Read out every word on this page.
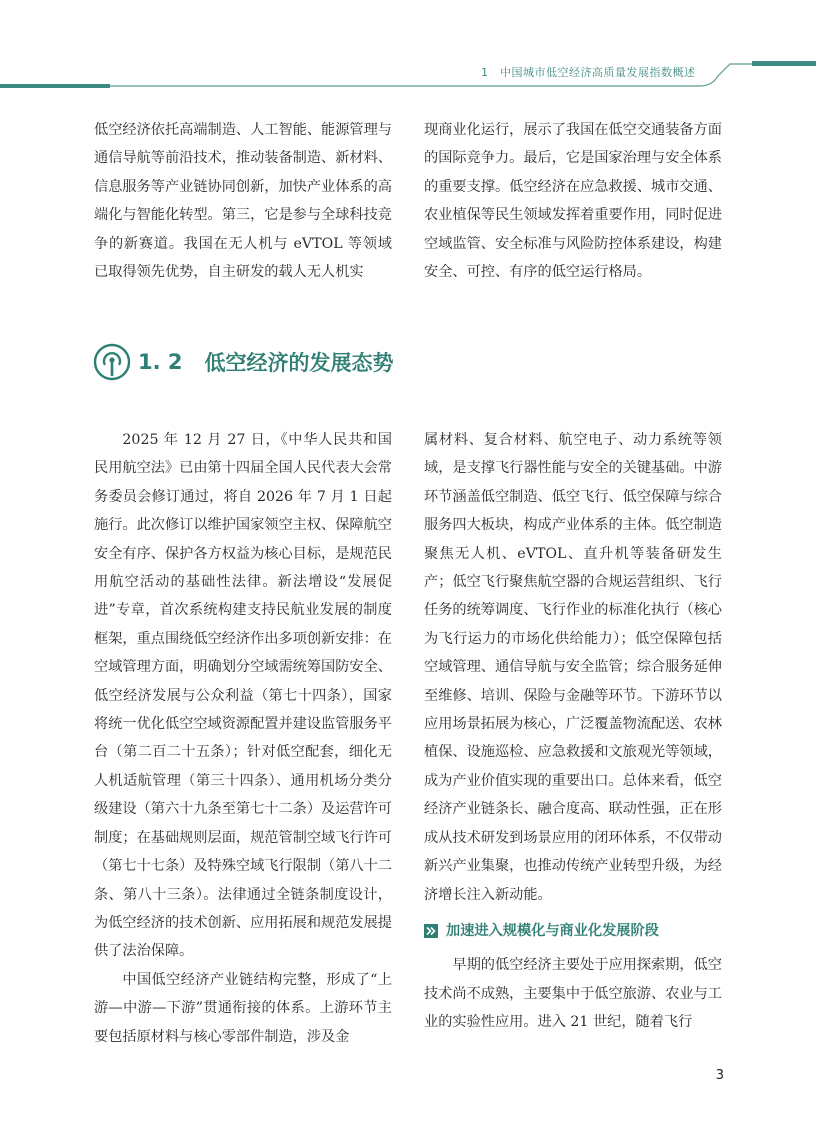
1　中国城市低空经济高质量发展指数概述

低空经济依托高端制造、人工智能、能源管理与通信导航等前沿技术，推动装备制造、新材料、信息服务等产业链协同创新，加快产业体系的高端化与智能化转型。第三，它是参与全球科技竞争的新赛道。我国在无人机与 eVTOL 等领域已取得领先优势，自主研发的载人无人机实

现商业化运行，展示了我国在低空交通装备方面的国际竞争力。最后，它是国家治理与安全体系的重要支撑。低空经济在应急救援、城市交通、农业植保等民生领域发挥着重要作用，同时促进空域监管、安全标准与风险防控体系建设，构建安全、可控、有序的低空运行格局。

1. 2 低空经济的发展态势

2025 年 12 月 27 日，《中华人民共和国民用航空法》已由第十四届全国人民代表大会常务委员会修订通过，将自 2026 年 7 月 1 日起施行。此次修订以维护国家领空主权、保障航空安全有序、保护各方权益为核心目标，是规范民用航空活动的基础性法律。新法增设“发展促进”专章，首次系统构建支持民航业发展的制度框架，重点围绕低空经济作出多项创新安排：在空域管理方面，明确划分空域需统筹国防安全、低空经济发展与公众利益（第七十四条），国家将统一优化低空空域资源配置并建设监管服务平台（第二百二十五条）；针对低空配套，细化无人机适航管理（第三十四条）、通用机场分类分级建设（第六十九条至第七十二条）及运营许可制度；在基础规则层面，规范管制空域飞行许可（第七十七条）及特殊空域飞行限制（第八十二条、第八十三条）。法律通过全链条制度设计，为低空经济的技术创新、应用拓展和规范发展提供了法治保障。

中国低空经济产业链结构完整，形成了“上游—中游—下游”贯通衔接的体系。上游环节主要包括原材料与核心零部件制造，涉及金

属材料、复合材料、航空电子、动力系统等领域，是支撑飞行器性能与安全的关键基础。中游环节涵盖低空制造、低空飞行、低空保障与综合服务四大板块，构成产业体系的主体。低空制造聚焦无人机、eVTOL、直升机等装备研发生产；低空飞行聚焦航空器的合规运营组织、飞行任务的统筹调度、飞行作业的标准化执行（核心为飞行运力的市场化供给能力）；低空保障包括空域管理、通信导航与安全监管；综合服务延伸至维修、培训、保险与金融等环节。下游环节以应用场景拓展为核心，广泛覆盖物流配送、农林植保、设施巡检、应急救援和文旅观光等领域，成为产业价值实现的重要出口。总体来看，低空经济产业链条长、融合度高、联动性强，正在形成从技术研发到场景应用的闭环体系，不仅带动新兴产业集聚，也推动传统产业转型升级，为经济增长注入新动能。

加速进入规模化与商业化发展阶段

早期的低空经济主要处于应用探索期，低空技术尚不成熟，主要集中于低空旅游、农业与工业的实验性应用。进入 21 世纪，随着飞行

3
